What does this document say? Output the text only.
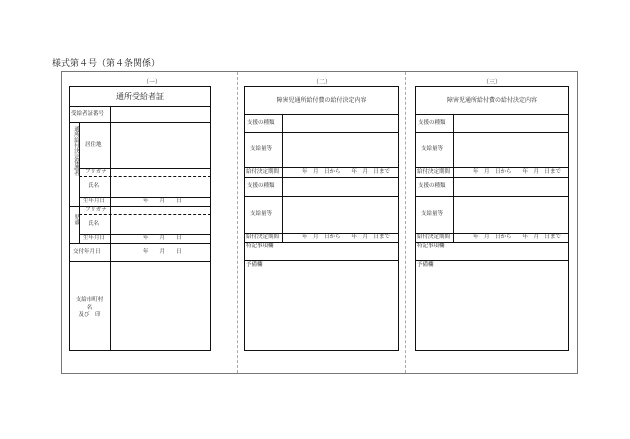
様式第４号（第４条関係）
（一）	（二）	（三）
通所受給者証
受給者証番号
通所給付決定保護者 居住地
フリガナ
氏名
生年月日	年　　月　　日
児童
フリガナ
氏名
生年月日	年　　月　　日
交付年月日	年　　月　　日
支給市町村
名
及び　印
障害児通所給付費の給付決定内容
支援の種類
支給量等
給付決定期間	年　月　日から　　年　月　日まで
支援の種類
支給量等
給付決定期間	年　月　日から　　年　月　日まで
特記事項欄
予備欄
障害児通所給付費の給付決定内容
支援の種類
支給量等
給付決定期間	年　月　日から　　年　月　日まで
支援の種類
支給量等
給付決定期間	年　月　日から　　年　月　日まで
特記事項欄
予備欄
